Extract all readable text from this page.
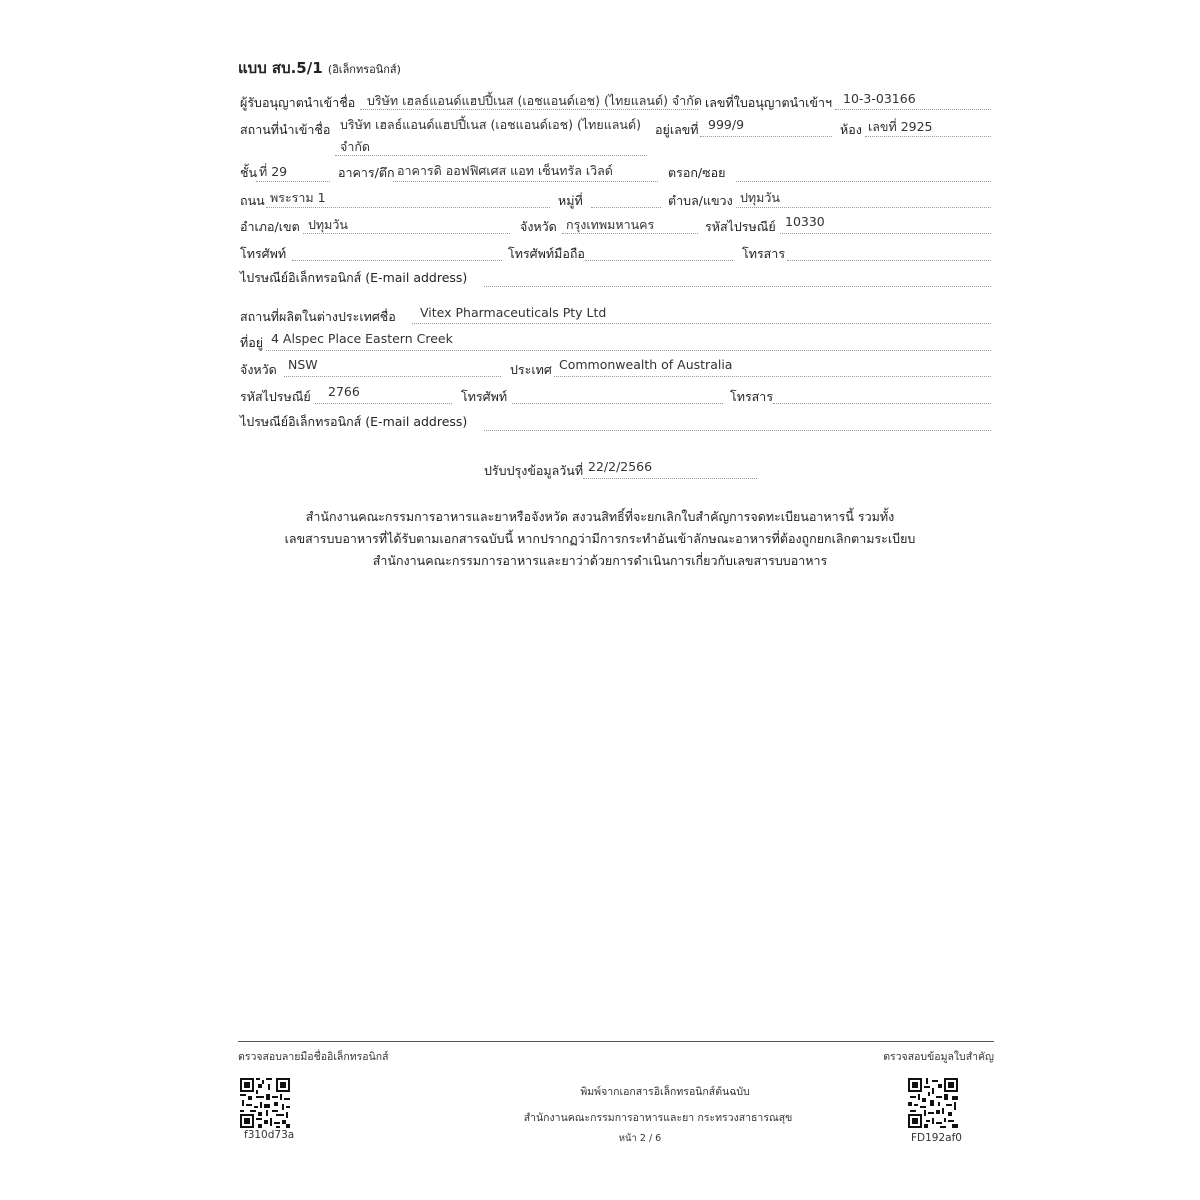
แบบ สบ.5/1 (อิเล็กทรอนิกส์)
ผู้รับอนุญาตนำเข้าชื่อ บริษัท เฮลธ์แอนด์แฮปปี้เนส (เอชแอนด์เอช) (ไทยแลนด์) จำกัด เลขที่ใบอนุญาตนำเข้าฯ 10-3-03166
สถานที่นำเข้าชื่อ บริษัท เฮลธ์แอนด์แฮปปี้เนส (เอชแอนด์เอช) (ไทยแลนด์)
จำกัด
อยู่เลขที่ 999/9	ห้อง เลขที่ 2925
ชั้น ที่ 29	อาคาร/ตึก อาคารดิ ออฟฟิศเศส แอท เซ็นทรัล เวิลด์	ตรอก/ซอย
ถนน พระราม 1	หมู่ที่	ตำบล/แขวง ปทุมวัน
อำเภอ/เขต ปทุมวัน	จังหวัด กรุงเทพมหานคร	รหัสไปรษณีย์ 10330
โทรศัพท์	โทรศัพท์มือถือ	โทรสาร
ไปรษณีย์อิเล็กทรอนิกส์ (E-mail address)
สถานที่ผลิตในต่างประเทศชื่อ Vitex Pharmaceuticals Pty Ltd
ที่อยู่ 4 Alspec Place Eastern Creek
จังหวัด NSW	ประเทศ Commonwealth of Australia
รหัสไปรษณีย์ 2766	โทรศัพท์	โทรสาร
ไปรษณีย์อิเล็กทรอนิกส์ (E-mail address)
ปรับปรุงข้อมูลวันที่ 22/2/2566
สำนักงานคณะกรรมการอาหารและยาหรือจังหวัด สงวนสิทธิ์ที่จะยกเลิกใบสำคัญการจดทะเบียนอาหารนี้ รวมทั้ง
เลขสารบบอาหารที่ได้รับตามเอกสารฉบับนี้ หากปรากฏว่ามีการกระทำอันเข้าลักษณะอาหารที่ต้องถูกยกเลิกตามระเบียบ
สำนักงานคณะกรรมการอาหารและยาว่าด้วยการดำเนินการเกี่ยวกับเลขสารบบอาหาร
ตรวจสอบลายมือชื่ออิเล็กทรอนิกส์	ตรวจสอบข้อมูลใบสำคัญ
f310d73a
พิมพ์จากเอกสารอิเล็กทรอนิกส์ต้นฉบับ
สำนักงานคณะกรรมการอาหารและยา กระทรวงสาธารณสุข
หน้า 2 / 6	FD192af0
